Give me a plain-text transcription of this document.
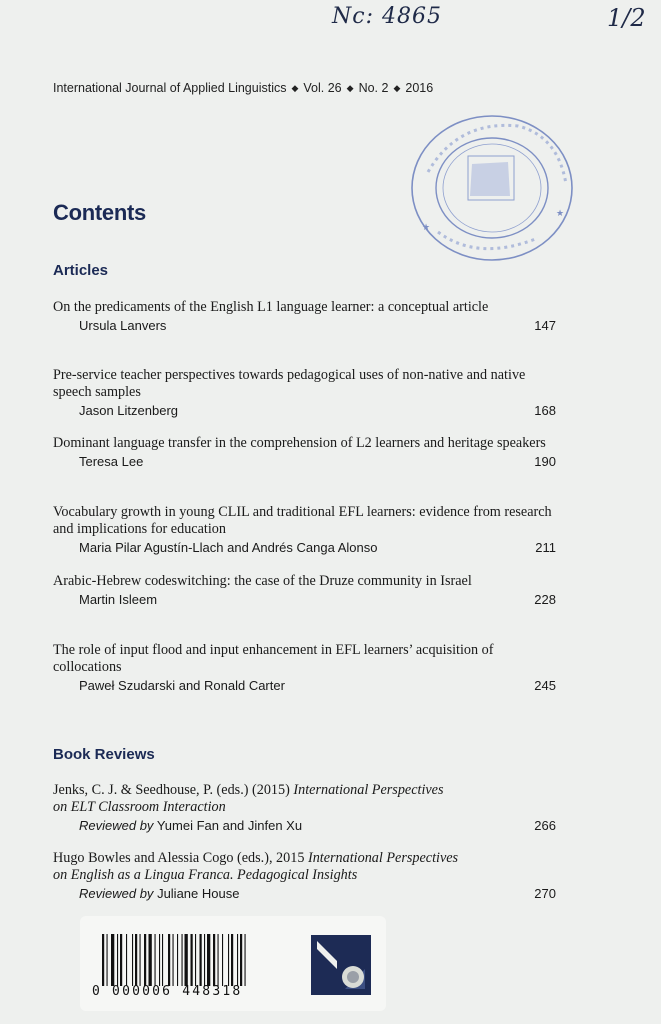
Nc: 4865	1/2
International Journal of Applied Linguistics ◆ Vol. 26 ◆ No. 2 ◆ 2016
★
★
Contents
Articles

On the predicaments of the English L1 language learner: a conceptual article

Ursula Lanvers	147

Pre-service teacher perspectives towards pedagogical uses of non-native and native speech samples

Jason Litzenberg	168

Dominant language transfer in the comprehension of L2 learners and heritage speakers

Teresa Lee	190

Vocabulary growth in young CLIL and traditional EFL learners: evidence from research and implications for education

Maria Pilar Agustín-Llach and Andrés Canga Alonso	211

Arabic-Hebrew codeswitching: the case of the Druze community in Israel

Martin Isleem	228

The role of input flood and input enhancement in EFL learners’ acquisition of collocations

Paweł Szudarski and Ronald Carter	245
Book Reviews

Jenks, C. J. & Seedhouse, P. (eds.) (2015) International Perspectives
on ELT Classroom Interaction

Reviewed by Yumei Fan and Jinfen Xu	266

Hugo Bowles and Alessia Cogo (eds.), 2015 International Perspectives
on English as a Lingua Franca. Pedagogical Insights

Reviewed by Juliane House	270
0 000006 448318
